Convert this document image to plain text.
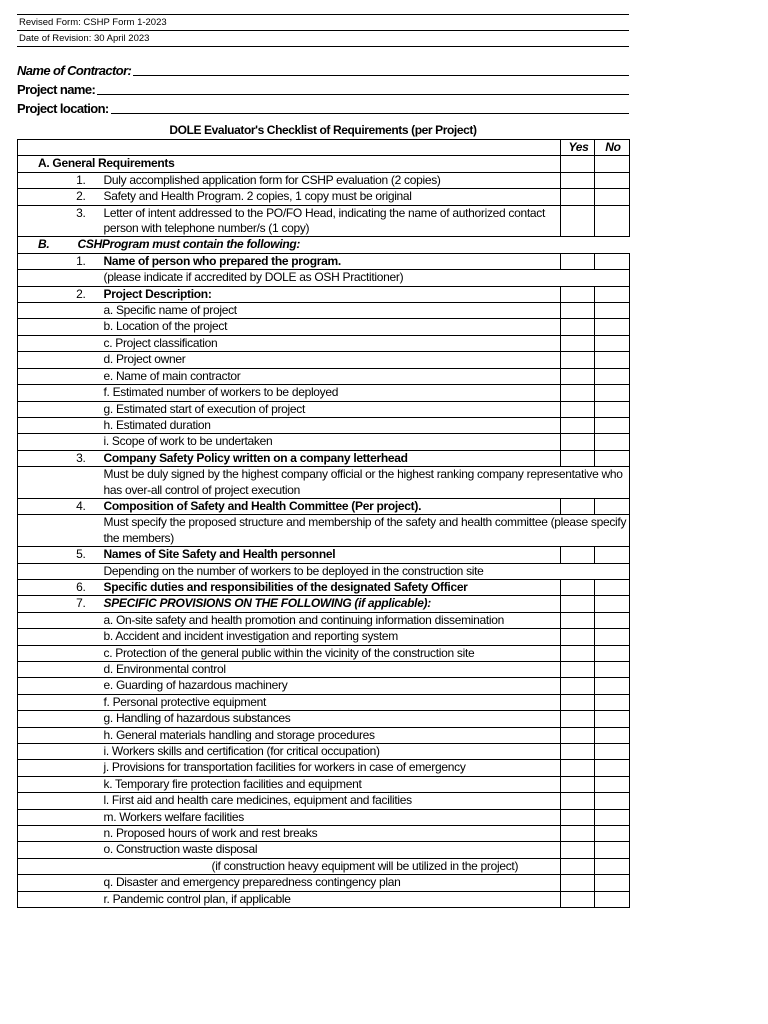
Revised Form: CSHP Form 1-2023
Date of Revision: 30 April 2023
Name of Contractor:
Project name:
Project location:
DOLE Evaluator's Checklist of Requirements (per Project)
		Yes	No
A. General Requirements		
1.	Duly accomplished application form for CSHP evaluation (2 copies)		
2.	Safety and Health Program. 2 copies, 1 copy must be original		
3.	Letter of intent addressed to the PO/FO Head, indicating the name of authorized contact person with telephone number/s (1 copy)		
B.	CSHProgram must contain the following:
1.	Name of person who prepared the program.		
	(please indicate if accredited by DOLE as OSH Practitioner)
2.	Project Description:		
	a. Specific name of project		
	b. Location of the project		
	c. Project classification		
	d. Project owner		
	e. Name of main contractor		
	f. Estimated number of workers to be deployed		
	g. Estimated start of execution of project		
	h. Estimated duration		
	i. Scope of work to be undertaken		
3.	Company Safety Policy written on a company letterhead		
	Must be duly signed by the highest company official or the highest ranking company representative who has over-all control of project execution
4.	Composition of Safety and Health Committee (Per project).		
	Must specify the proposed structure and membership of the safety and health committee (please specify the members)
5.	Names of Site Safety and Health personnel		
	Depending on the number of workers to be deployed in the construction site
6.	Specific duties and responsibilities of the designated Safety Officer		
7.	SPECIFIC PROVISIONS ON THE FOLLOWING (if applicable):		
	a. On-site safety and health promotion and continuing information dissemination		
	b. Accident and incident investigation and reporting system		
	c. Protection of the general public within the vicinity of the construction site		
	d. Environmental control		
	e. Guarding of hazardous machinery		
	f. Personal protective equipment		
	g. Handling of hazardous substances		
	h. General materials handling and storage procedures		
	i. Workers skills and certification (for critical occupation)		
	j. Provisions for transportation facilities for workers in case of emergency		
	k. Temporary fire protection facilities and equipment		
	l. First aid and health care medicines, equipment and facilities		
	m. Workers welfare facilities		
	n. Proposed hours of work and rest breaks		
	o. Construction waste disposal		
	(if construction heavy equipment will be utilized in the project)		
	q. Disaster and emergency preparedness contingency plan		
	r. Pandemic control plan, if applicable		
